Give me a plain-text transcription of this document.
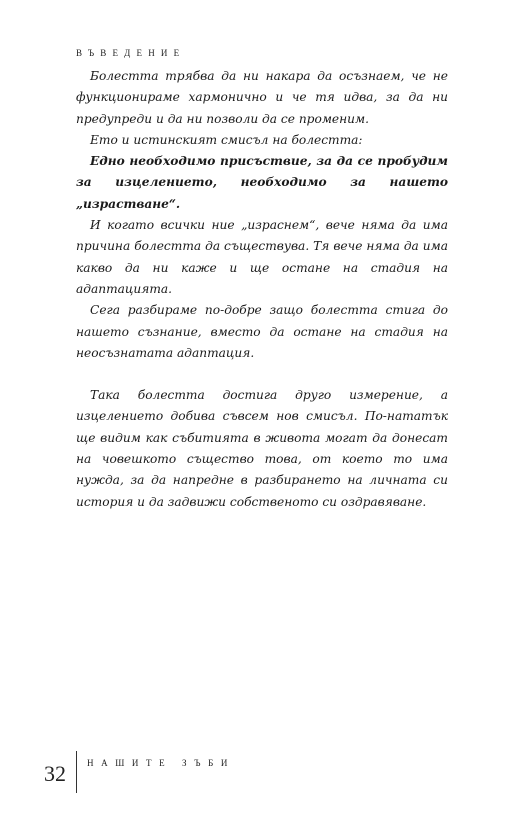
ВЪВЕДЕНИЕ

Болестта трябва да ни накара да осъзнаем, че не функционираме хармонично и че тя идва, за да ни предупреди и да ни позволи да се променим.

Ето и истинският смисъл на болестта:

Едно необходимо присъствие, за да се пробудим за изцелението, необходимо за нашето „израстване“.

И когато всички ние „израснем“, вече няма да има причина болестта да съществува. Тя вече няма да има какво да ни каже и ще остане на стадия на адаптацията.

Сега разбираме по-добре защо болестта стига до нашето съзнание, вместо да остане на стадия на неосъзнатата адаптация.

Така болестта достига друго измерение, а изцелението добива съвсем нов смисъл. По-нататък ще видим как събитията в живота могат да донесат на човешкото същество това, от което то има нужда, за да напредне в разбирането на личната си история и да задвижи собственото си оздравяване.

32	НАШИТЕ ЗЪБИ
